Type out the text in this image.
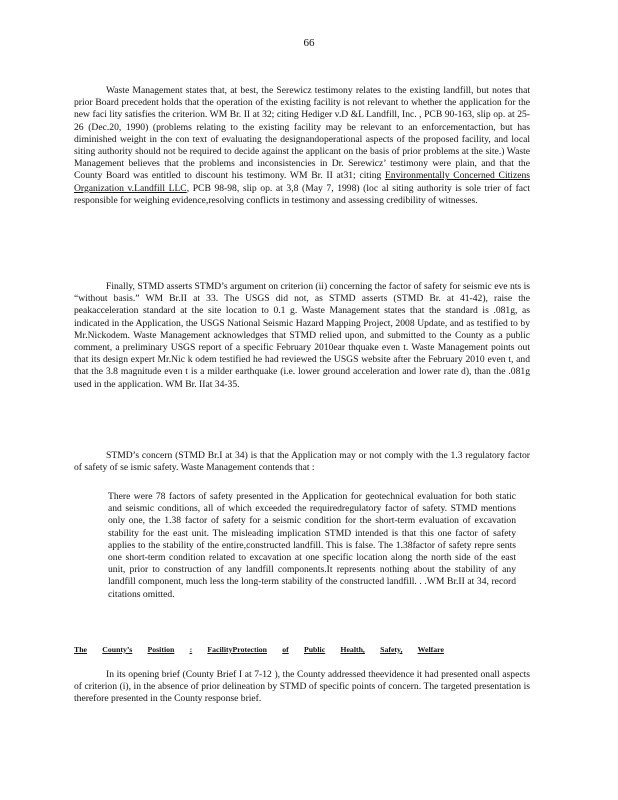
66

Waste Management states that, at best, the Serewicz testimony relates to the existing landfill, but notes that prior Board precedent holds that the operation of the existing facility is not relevant to whether the application for the new faci lity satisfies the criterion. WM Br. II at 32; citing Hediger v.D &L Landfill, Inc. , PCB 90-163, slip op. at 25-26 (Dec.20, 1990) (problems relating to the existing facility may be relevant to an enforcementaction, but has diminished weight in the con text of evaluating the designandoperational aspects of the proposed facility, and local siting authority should not be required to decide against the applicant on the basis of prior problems at the site.) Waste Management believes that the problems and inconsistencies in Dr. Serewicz’ testimony were plain, and that the County Board was entitled to discount his testimony. WM Br. II at31; citing Environmentally Concerned Citizens Organization v.Landfill LLC, PCB 98-98, slip op. at 3,8 (May 7, 1998) (loc al siting authority is sole trier of fact responsible for weighing evidence,resolving conflicts in testimony and assessing credibility of witnesses.

Finally, STMD asserts STMD’s argument on criterion (ii) concerning the factor of safety for seismic eve nts is “without basis.” WM Br.II at 33. The USGS did not, as STMD asserts (STMD Br. at 41-42), raise the peakacceleration standard at the site location to 0.1 g. Waste Management states that the standard is .081g, as indicated in the Application, the USGS National Seismic Hazard Mapping Project, 2008 Update, and as testified to by Mr.Nickodem. Waste Management acknowledges that STMD relied upon, and submitted to the County as a public comment, a preliminary USGS report of a specific February 2010ear thquake even t. Waste Management points out that its design expert Mr.Nic k odem testified he had reviewed the USGS website after the February 2010 even t, and that the 3.8 magnitude even t is a milder earthquake (i.e. lower ground acceleration and lower rate d), than the .081g used in the application. WM Br. IIat 34-35.

STMD’s concern (STMD Br.I at 34) is that the Application may or not comply with the 1.3 regulatory factor of safety of se ismic safety. Waste Management contends that :

There were 78 factors of safety presented in the Application for geotechnical evaluation for both static and seismic conditions, all of which exceeded the requiredregulatory factor of safety. STMD mentions only one, the 1.38 factor of safety for a seismic condition for the short-term evaluation of excavation stability for the east unit. The misleading implication STMD intended is that this one factor of safety applies to the stability of the entire,constructed landfill. This is false. The 1.38factor of safety repre sents one short-term condition related to excavation at one specific location along the north side of the east unit, prior to construction of any landfill components.It represents nothing about the stability of any landfill component, much less the long-term stability of the constructed landfill. . .WM Br.II at 34, record citations omitted.

The County’s Position : FacilityProtection of Public Health, Safety, Welfare

In its opening brief (County Brief I at 7-12 ), the County addressed theevidence it had presented onall aspects of criterion (i), in the absence of prior delineation by STMD of specific points of concern. The targeted presentation is therefore presented in the County response brief.
